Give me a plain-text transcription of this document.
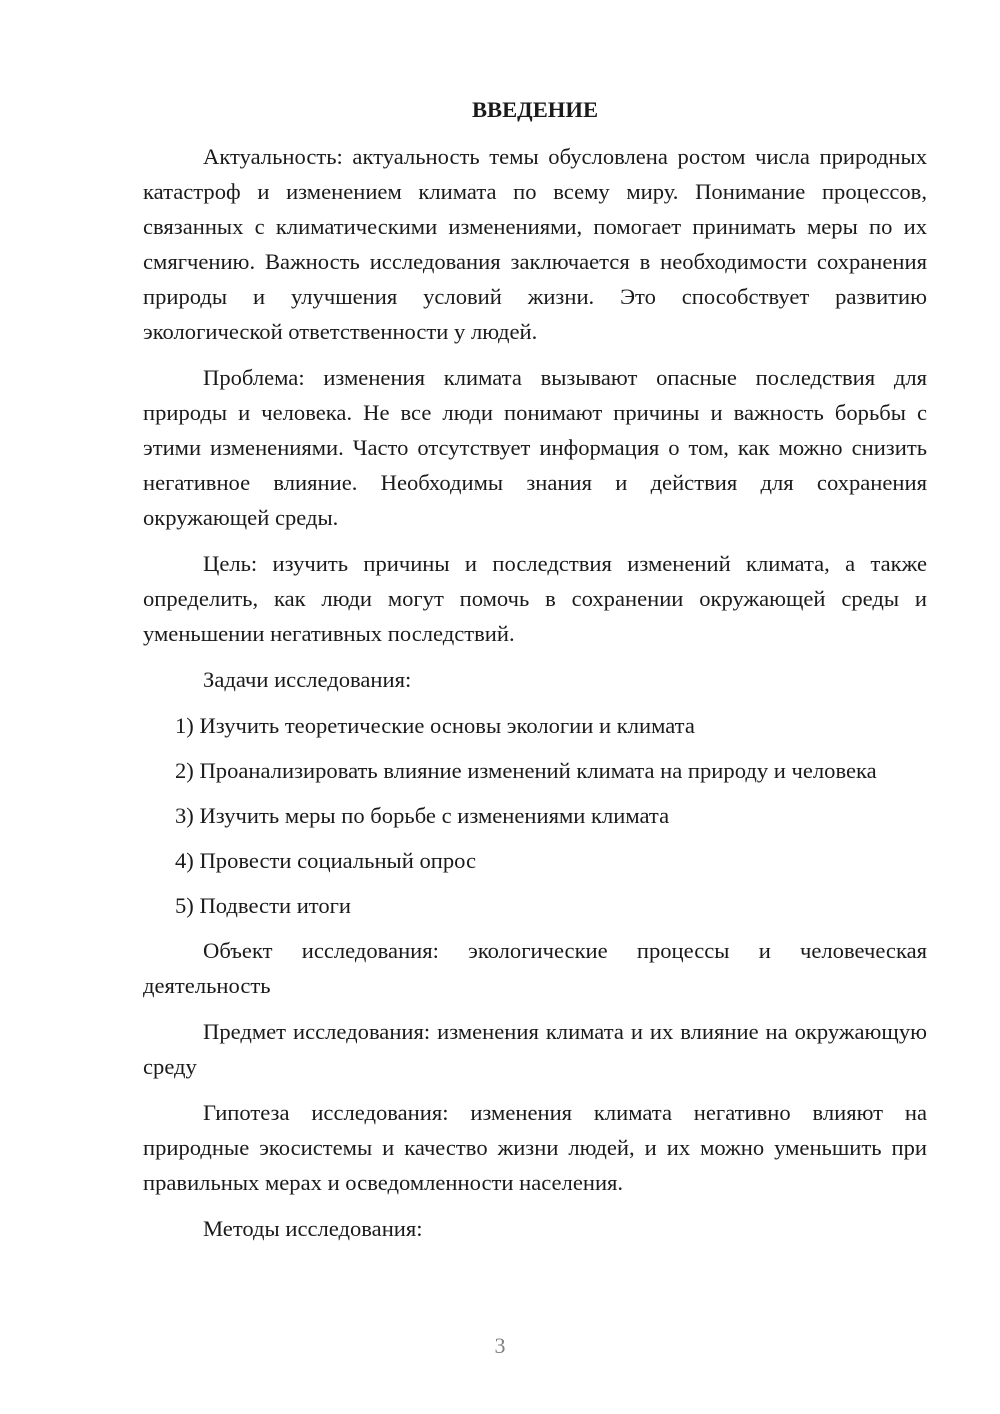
ВВЕДЕНИЕ

Актуальность: актуальность темы обусловлена ростом числа природных катастроф и изменением климата по всему миру. Понимание процессов, связанных с климатическими изменениями, помогает принимать меры по их смягчению. Важность исследования заключается в необходимости сохранения природы и улучшения условий жизни. Это способствует развитию экологической ответственности у людей.

Проблема: изменения климата вызывают опасные последствия для природы и человека. Не все люди понимают причины и важность борьбы с этими изменениями. Часто отсутствует информация о том, как можно снизить негативное влияние. Необходимы знания и действия для сохранения окружающей среды.

Цель: изучить причины и последствия изменений климата, а также определить, как люди могут помочь в сохранении окружающей среды и уменьшении негативных последствий.

Задачи исследования:

1) Изучить теоретические основы экологии и климата

2) Проанализировать влияние изменений климата на природу и человека

3) Изучить меры по борьбе с изменениями климата

4) Провести социальный опрос

5) Подвести итоги

Объект исследования: экологические процессы и человеческая деятельность

Предмет исследования: изменения климата и их влияние на окружающую среду

Гипотеза исследования: изменения климата негативно влияют на природные экосистемы и качество жизни людей, и их можно уменьшить при правильных мерах и осведомленности населения.

Методы исследования:

3
